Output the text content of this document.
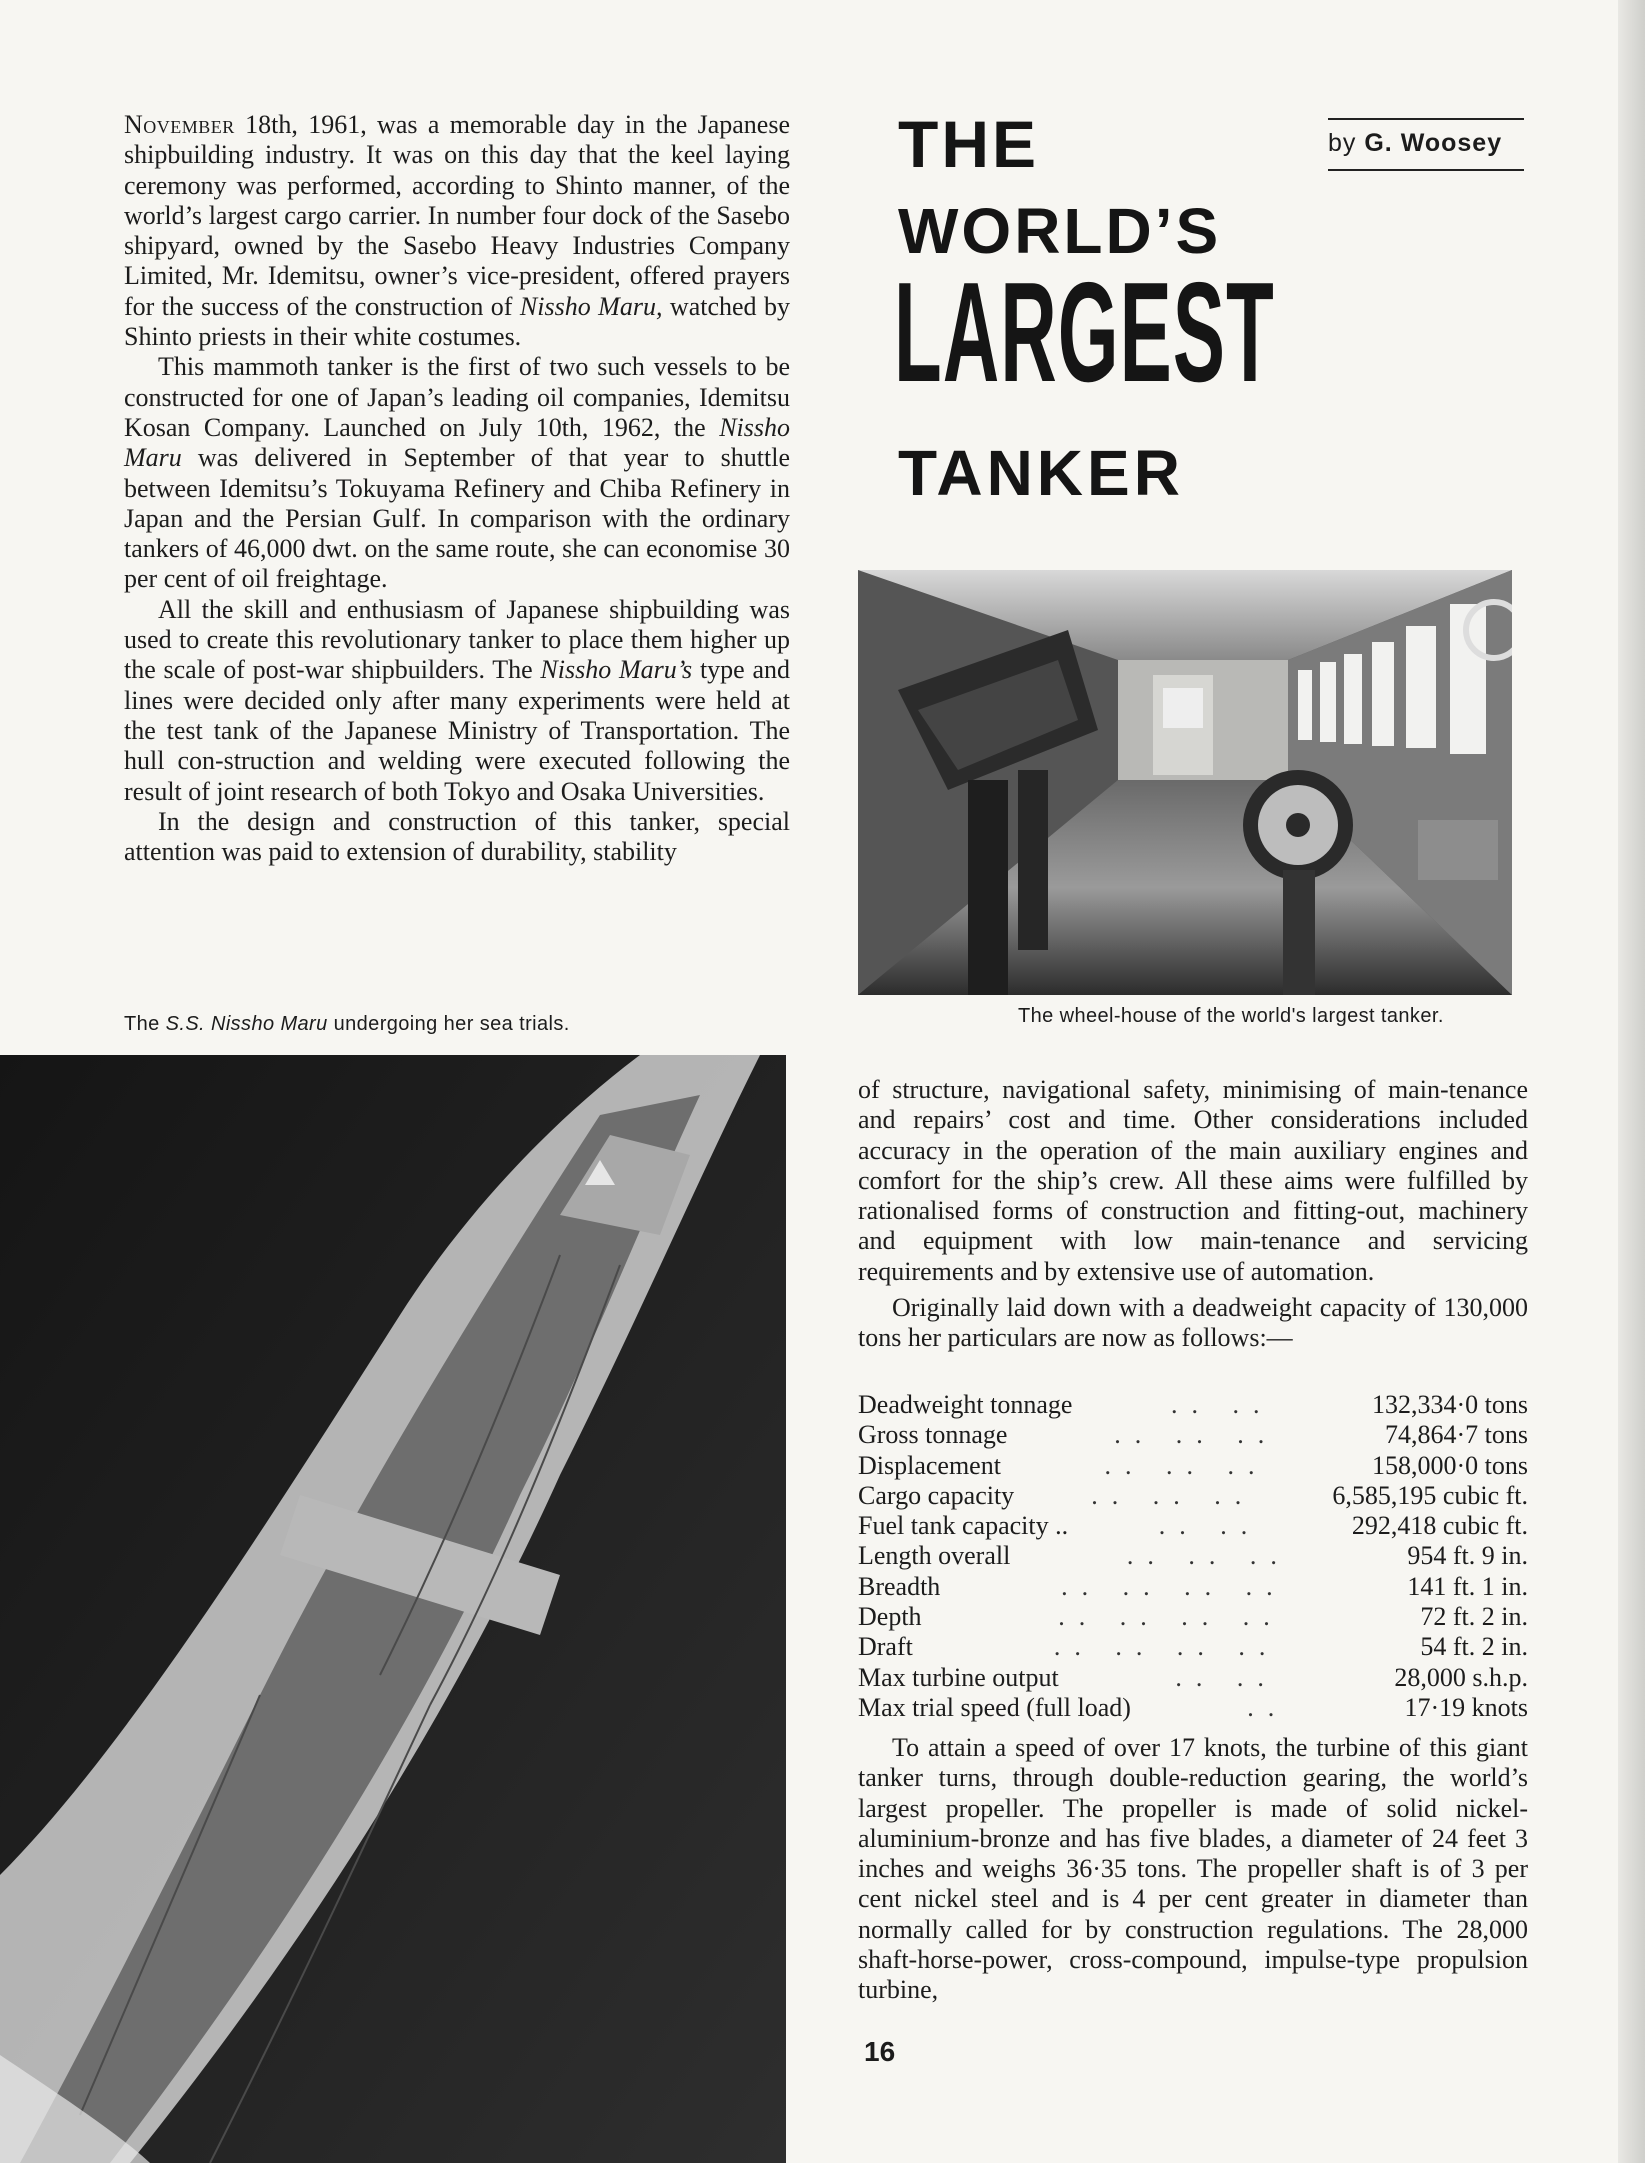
November 18th, 1961, was a memorable day in the Japanese shipbuilding industry. It was on this day that the keel laying ceremony was performed, according to Shinto manner, of the world’s largest cargo carrier. In number four dock of the Sasebo shipyard, owned by the Sasebo Heavy Industries Company Limited, Mr. Idemitsu, owner’s vice-president, offered prayers for the success of the construction of Nissho Maru, watched by Shinto priests in their white costumes.

This mammoth tanker is the first of two such vessels to be constructed for one of Japan’s leading oil companies, Idemitsu Kosan Company. Launched on July 10th, 1962, the Nissho Maru was delivered in September of that year to shuttle between Idemitsu’s Tokuyama Refinery and Chiba Refinery in Japan and the Persian Gulf. In comparison with the ordinary tankers of 46,000 dwt. on the same route, she can economise 30 per cent of oil freightage.

All the skill and enthusiasm of Japanese shipbuilding was used to create this revolutionary tanker to place them higher up the scale of post-war shipbuilders. The Nissho Maru’s type and lines were decided only after many experiments were held at the test tank of the Japanese Ministry of Transportation. The hull con-struction and welding were executed following the result of joint research of both Tokyo and Osaka Universities.

In the design and construction of this tanker, special attention was paid to extension of durability, stability

THE
WORLD’S
LARGEST
TANKER
by G. Woosey
The wheel-house of the world's largest tanker.
The S.S. Nissho Maru undergoing her sea trials.

of structure, navigational safety, minimising of main-tenance and repairs’ cost and time. Other considerations included accuracy in the operation of the main auxiliary engines and comfort for the ship’s crew. All these aims were fulfilled by rationalised forms of construction and fitting-out, machinery and equipment with low main-tenance and servicing requirements and by extensive use of automation.

Originally laid down with a deadweight capacity of 130,000 tons her particulars are now as follows:—

Deadweight tonnage	.. ..	132,334·0 tons
Gross tonnage	.. .. ..	74,864·7 tons
Displacement	.. .. ..	158,000·0 tons
Cargo capacity	.. .. ..	6,585,195 cubic ft.
Fuel tank capacity ..	.. ..	292,418 cubic ft.
Length overall	.. .. ..	954 ft. 9 in.
Breadth	.. .. .. ..	141 ft. 1 in.
Depth	.. .. .. ..	72 ft. 2 in.
Draft	.. .. .. ..	54 ft. 2 in.
Max turbine output	.. ..	28,000 s.h.p.
Max trial speed (full load)	..	17·19 knots

To attain a speed of over 17 knots, the turbine of this giant tanker turns, through double-reduction gearing, the world’s largest propeller. The propeller is made of solid nickel-aluminium-bronze and has five blades, a diameter of 24 feet 3 inches and weighs 36·35 tons. The propeller shaft is of 3 per cent nickel steel and is 4 per cent greater in diameter than normally called for by construction regulations. The 28,000 shaft-horse-power, cross-compound, impulse-type propulsion turbine,

16
